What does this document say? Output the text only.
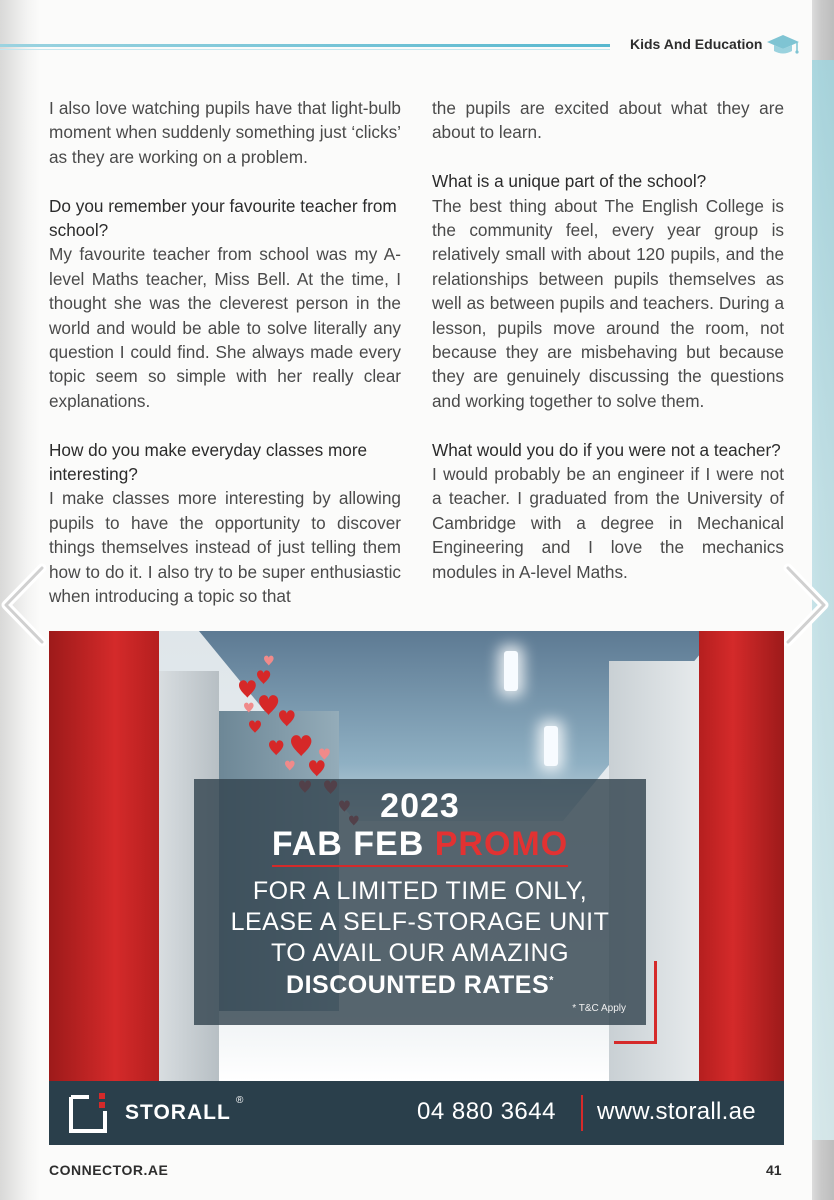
Kids And Education

I also love watching pupils have that light-bulb moment when suddenly something just ‘clicks’ as they are working on a problem.

Do you remember your favourite teacher from school?

My favourite teacher from school was my A-level Maths teacher, Miss Bell. At the time, I thought she was the cleverest person in the world and would be able to solve literally any question I could find. She always made every topic seem so simple with her really clear explanations.

How do you make everyday classes more interesting?

I make classes more interesting by allowing pupils to have the opportunity to discover things themselves instead of just telling them how to do it. I also try to be super enthusiastic when introducing a topic so that

the pupils are excited about what they are about to learn.

What is a unique part of the school?

The best thing about The English College is the community feel, every year group is relatively small with about 120 pupils, and the relationships between pupils themselves as well as between pupils and teachers. During a lesson, pupils move around the room, not because they are misbehaving but because they are genuinely discussing the questions and working together to solve them.

What would you do if you were not a teacher?

I would probably be an engineer if I were not a teacher. I graduated from the University of Cambridge with a degree in Mechanical Engineering and I love the mechanics modules in A-level Maths.

2023
FAB FEB PROMO
FOR A LIMITED TIME ONLY,
LEASE A SELF-STORAGE UNIT
TO AVAIL OUR AMAZING
DISCOUNTED RATES*
* T&C Apply
STORALL
®	04 880 3644 www.storall.ae
CONNECTOR.AE	41
